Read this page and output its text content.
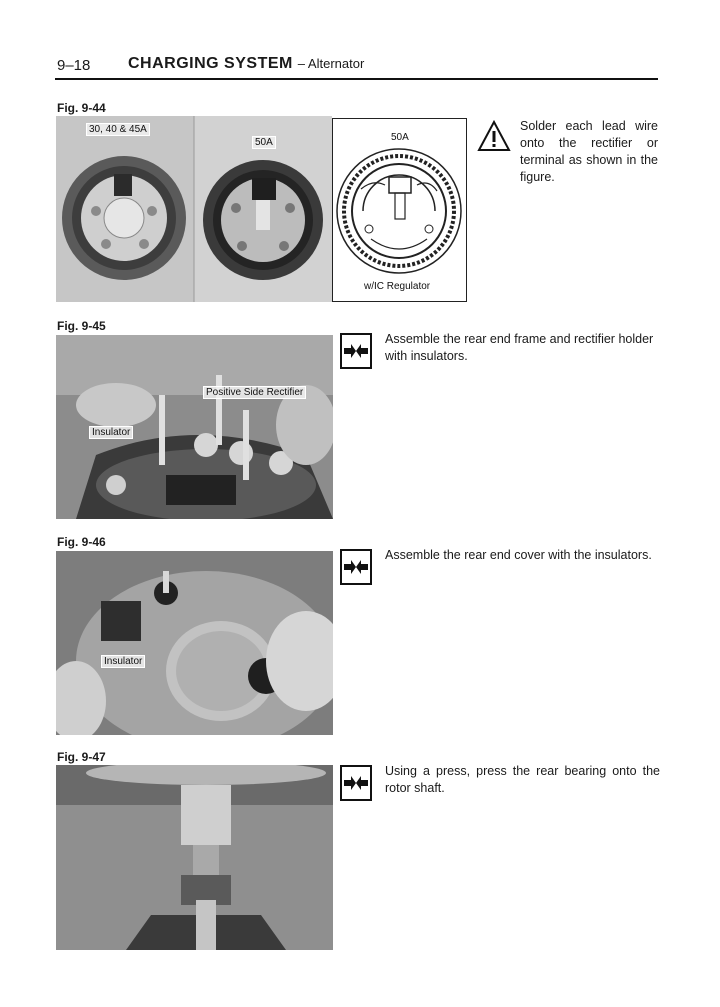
9–18 CHARGING SYSTEM – Alternator
Fig. 9-44
30, 40 & 45A
50A	50A
w/IC Regulator
Solder each lead wire onto the rectifier or terminal as shown in the figure.
Fig. 9-45
Positive Side Rectifier
Insulator
Assemble the rear end frame and rectifier holder with insulators.
Fig. 9-46
Insulator
Assemble the rear end cover with the insulators.
Fig. 9-47
Using a press, press the rear bearing onto the rotor shaft.
